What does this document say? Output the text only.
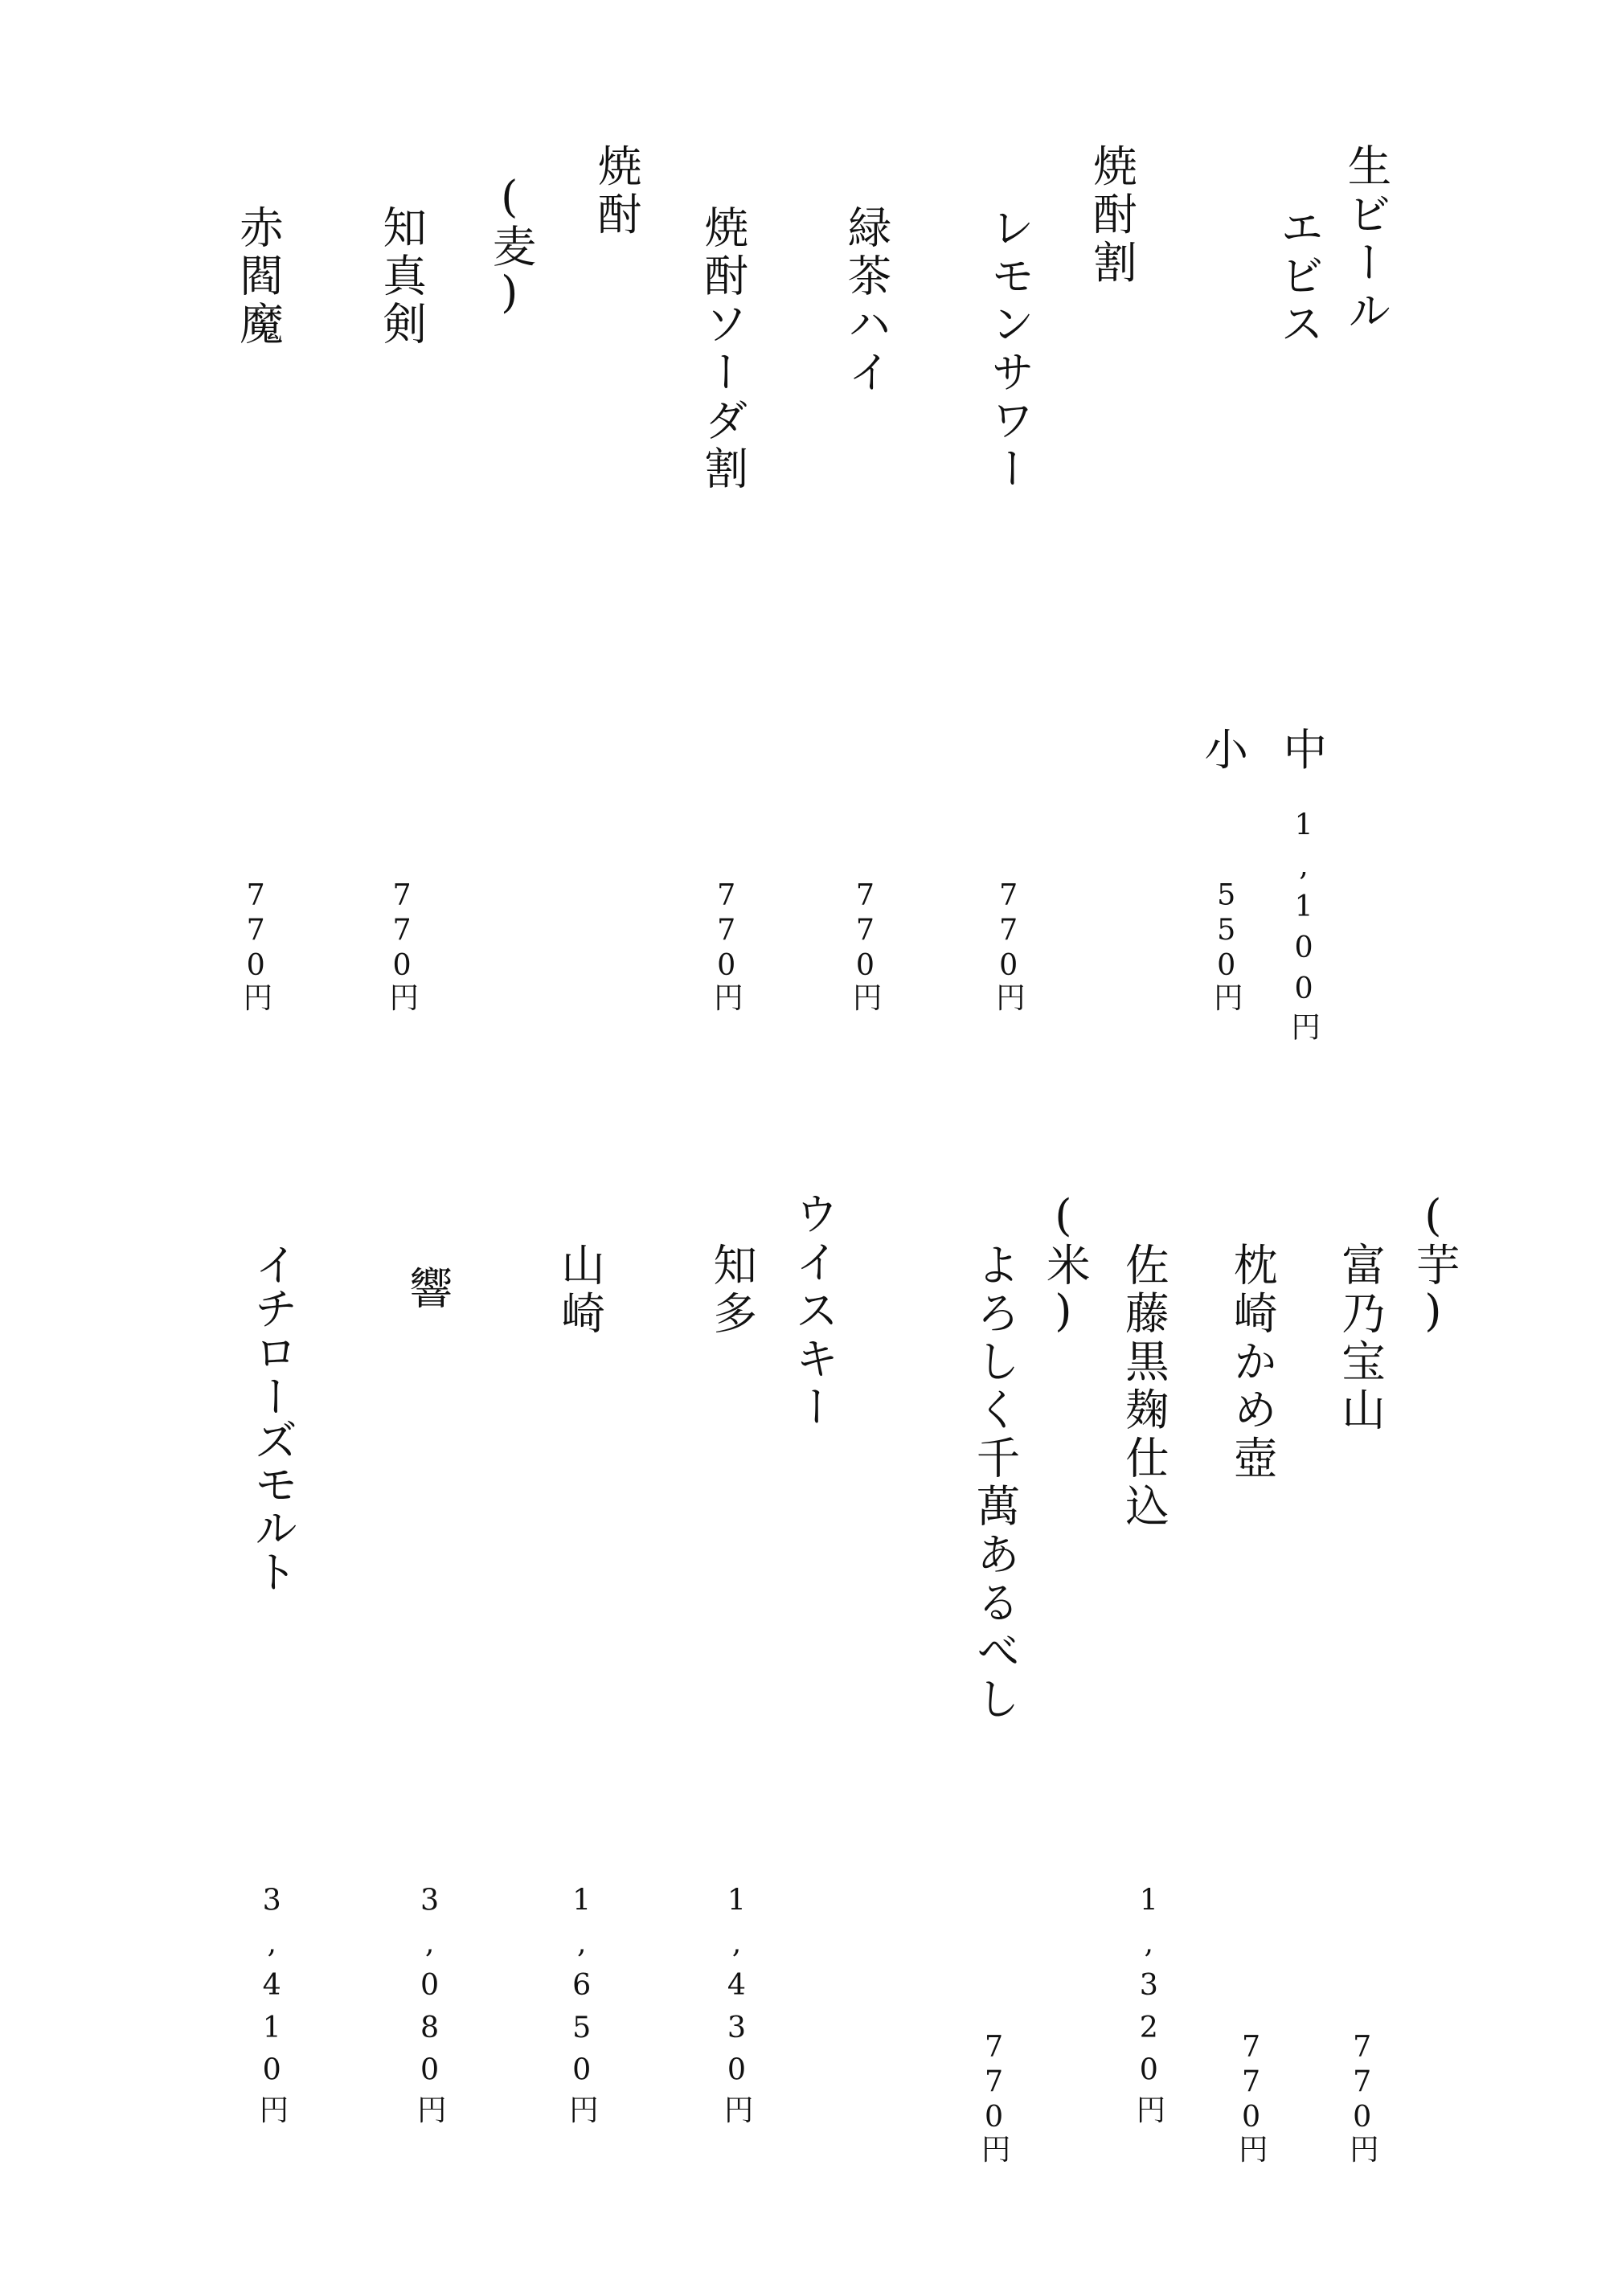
生ビール
エビス
中
小
1,100円
550円
焼酎割
レモンサワー
770円
緑茶ハイ
770円
焼酎ソーダ割
770円
焼酎
(麦)
知真剣
770円
赤閻魔
770円
(芋)
富乃宝山
770円
枕崎かめ壺
770円
佐藤黒麹仕込
1,320円
(米)
よろしく千萬あるべし
770円
ウイスキー
知多
1,430円
山崎
1,650円
響
3,080円
イチローズモルト
3,410円
